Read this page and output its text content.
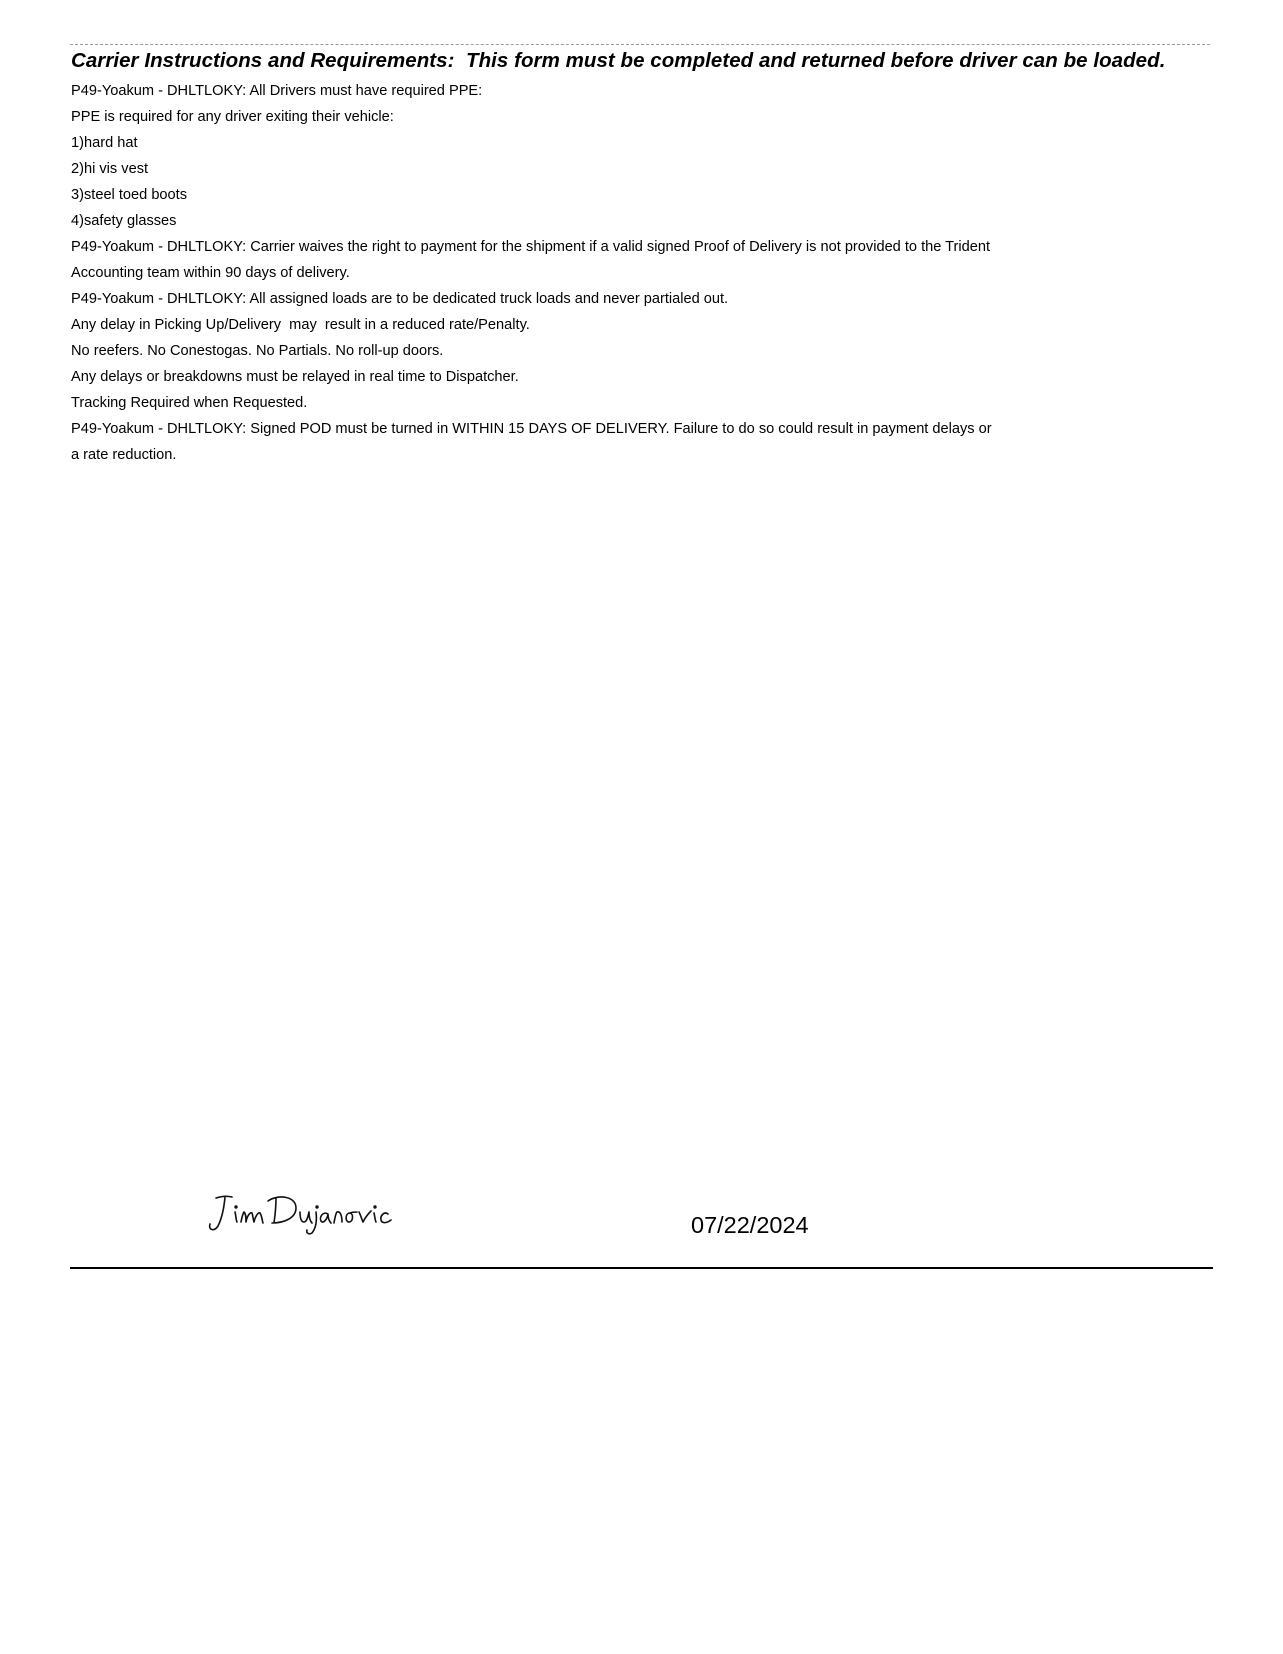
Carrier Instructions and Requirements:  This form must be completed and returned before driver can be loaded.
P49-Yoakum - DHLTLOKY: All Drivers must have required PPE:
PPE is required for any driver exiting their vehicle:
1)hard hat
2)hi vis vest
3)steel toed boots
4)safety glasses
P49-Yoakum - DHLTLOKY: Carrier waives the right to payment for the shipment if a valid signed Proof of Delivery is not provided to the Trident
Accounting team within 90 days of delivery.
P49-Yoakum - DHLTLOKY: All assigned loads are to be dedicated truck loads and never partialed out.
Any delay in Picking Up/Delivery  may  result in a reduced rate/Penalty.
No reefers. No Conestogas. No Partials. No roll-up doors.
Any delays or breakdowns must be relayed in real time to Dispatcher.
Tracking Required when Requested.
P49-Yoakum - DHLTLOKY: Signed POD must be turned in WITHIN 15 DAYS OF DELIVERY. Failure to do so could result in payment delays or
a rate reduction.
07/22/2024
